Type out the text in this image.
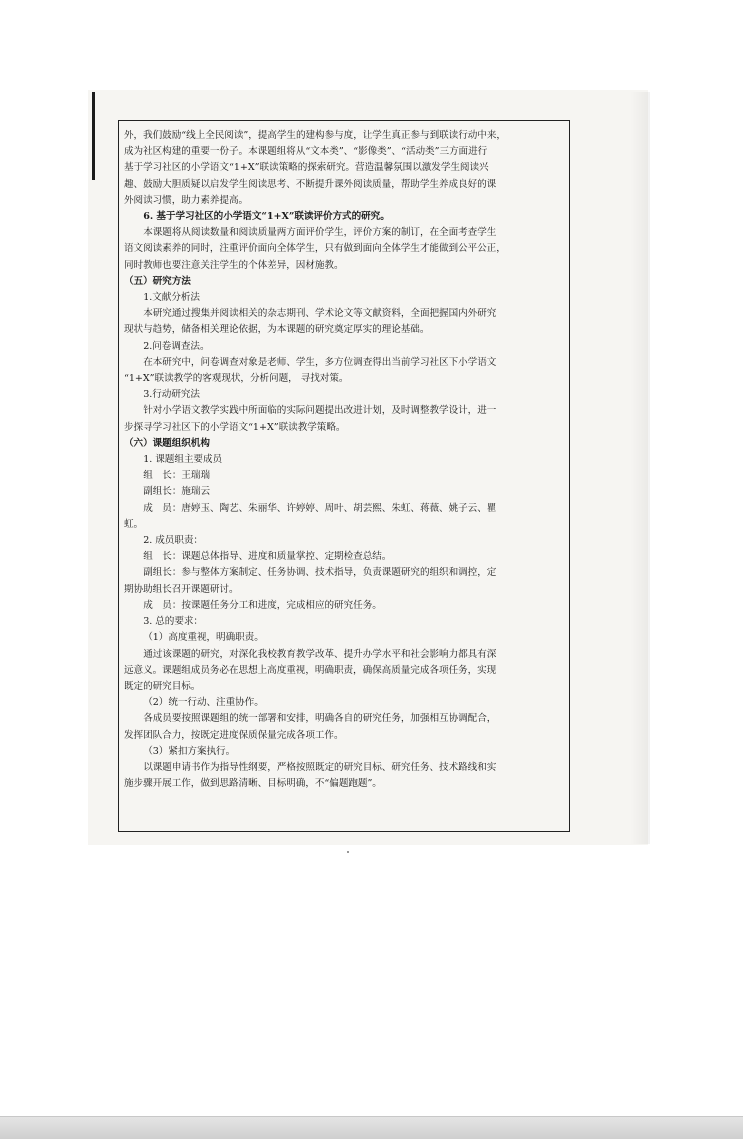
外，我们鼓励“线上全民阅读”，提高学生的建构参与度，让学生真正参与到联读行动中来，

成为社区构建的重要一份子。本课题组将从“文本类”、“影像类”、“活动类”三方面进行

基于学习社区的小学语文“1+X”联读策略的探索研究。营造温馨氛围以激发学生阅读兴

趣、鼓励大胆质疑以启发学生阅读思考、不断提升课外阅读质量，帮助学生养成良好的课

外阅读习惯，助力素养提高。

6. 基于学习社区的小学语文“1+X”联读评价方式的研究。

本课题将从阅读数量和阅读质量两方面评价学生，评价方案的制订，在全面考查学生

语文阅读素养的同时，注重评价面向全体学生，只有做到面向全体学生才能做到公平公正，

同时教师也要注意关注学生的个体差异，因材施教。

（五）研究方法

1.文献分析法

本研究通过搜集并阅读相关的杂志期刊、学术论文等文献资料，全面把握国内外研究

现状与趋势，储备相关理论依据，为本课题的研究奠定厚实的理论基础。

2.问卷调查法。

在本研究中，问卷调查对象是老师、学生，多方位调查得出当前学习社区下小学语文

“1+X”联读教学的客观现状，分析问题， 寻找对策。

3.行动研究法

针对小学语文教学实践中所面临的实际问题提出改进计划，及时调整教学设计，进一

步探寻学习社区下的小学语文“1+X”联读教学策略。

（六）课题组织机构

1. 课题组主要成员

组　长：王瑞瑞

副组长：施瑞云

成　员：唐婷玉、陶艺、朱丽华、许婷婷、周叶、胡芸熙、朱虹、蒋薇、姚子云、瞿

虹。

2. 成员职责：

组　长：课题总体指导、进度和质量掌控、定期检查总结。

副组长：参与整体方案制定、任务协调、技术指导，负责课题研究的组织和调控，定

期协助组长召开课题研讨。

成　员：按课题任务分工和进度，完成相应的研究任务。

3. 总的要求：

（1）高度重视，明确职责。

通过该课题的研究，对深化我校教育教学改革、提升办学水平和社会影响力都具有深

远意义。课题组成员务必在思想上高度重视，明确职责，确保高质量完成各项任务，实现

既定的研究目标。

（2）统一行动、注重协作。

各成员要按照课题组的统一部署和安排，明确各自的研究任务，加强相互协调配合，

发挥团队合力，按既定进度保质保量完成各项工作。

（3）紧扣方案执行。

以课题申请书作为指导性纲要，严格按照既定的研究目标、研究任务、技术路线和实

施步骤开展工作，做到思路清晰、目标明确，不“偏题跑题”。
